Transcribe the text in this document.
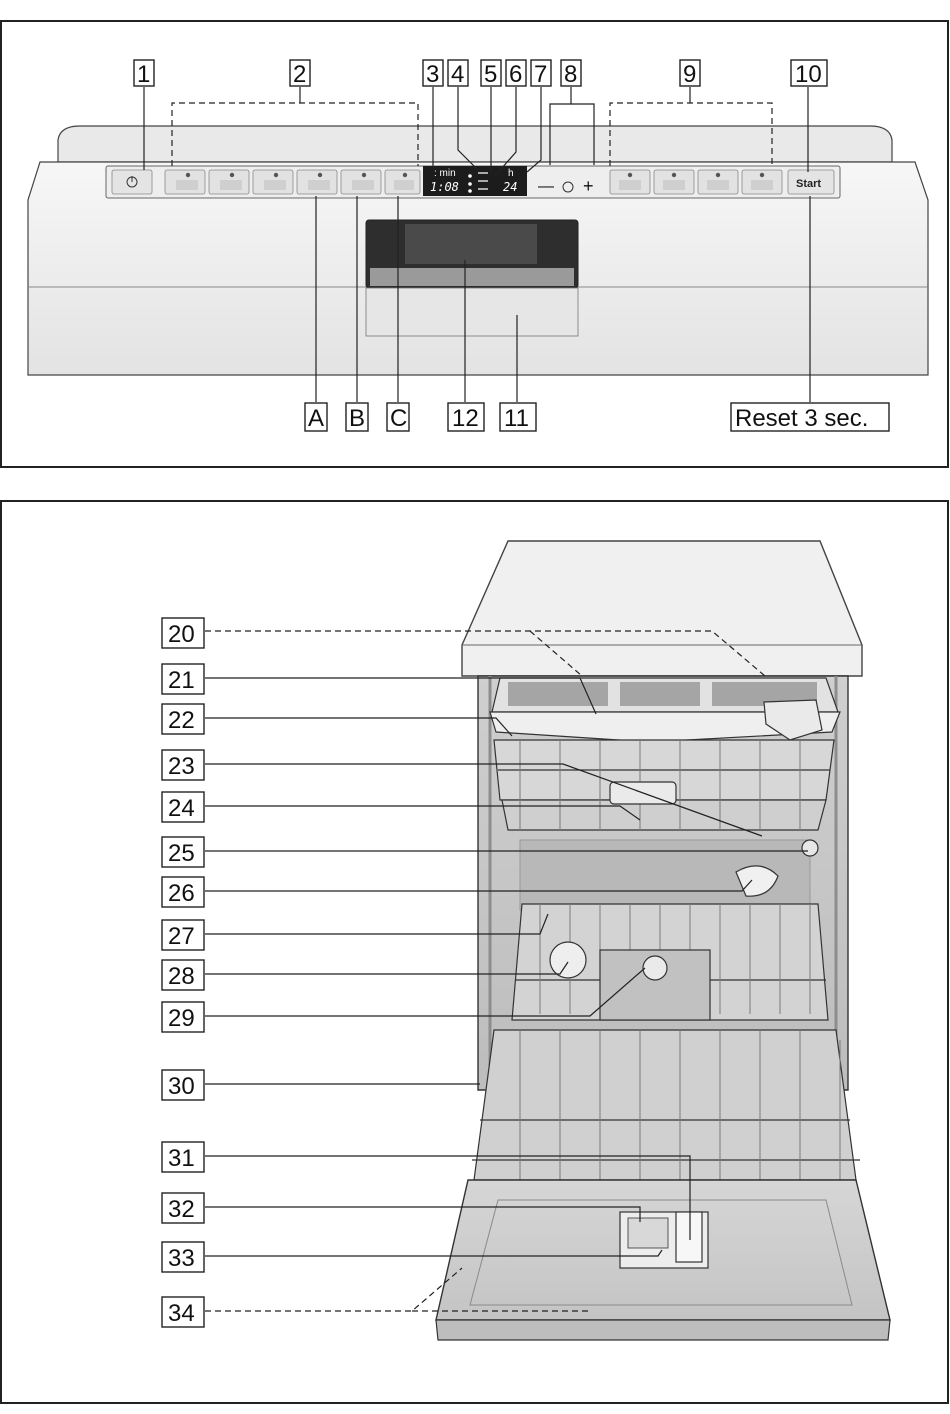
: min
1:08
h
24 — +	Start
1	2	3 4 5 6 7 8	9	10
A B C 12 11	Reset 3 sec.
20
21
22
23
24
25
26
27
28
29
30
31
32
33
34
